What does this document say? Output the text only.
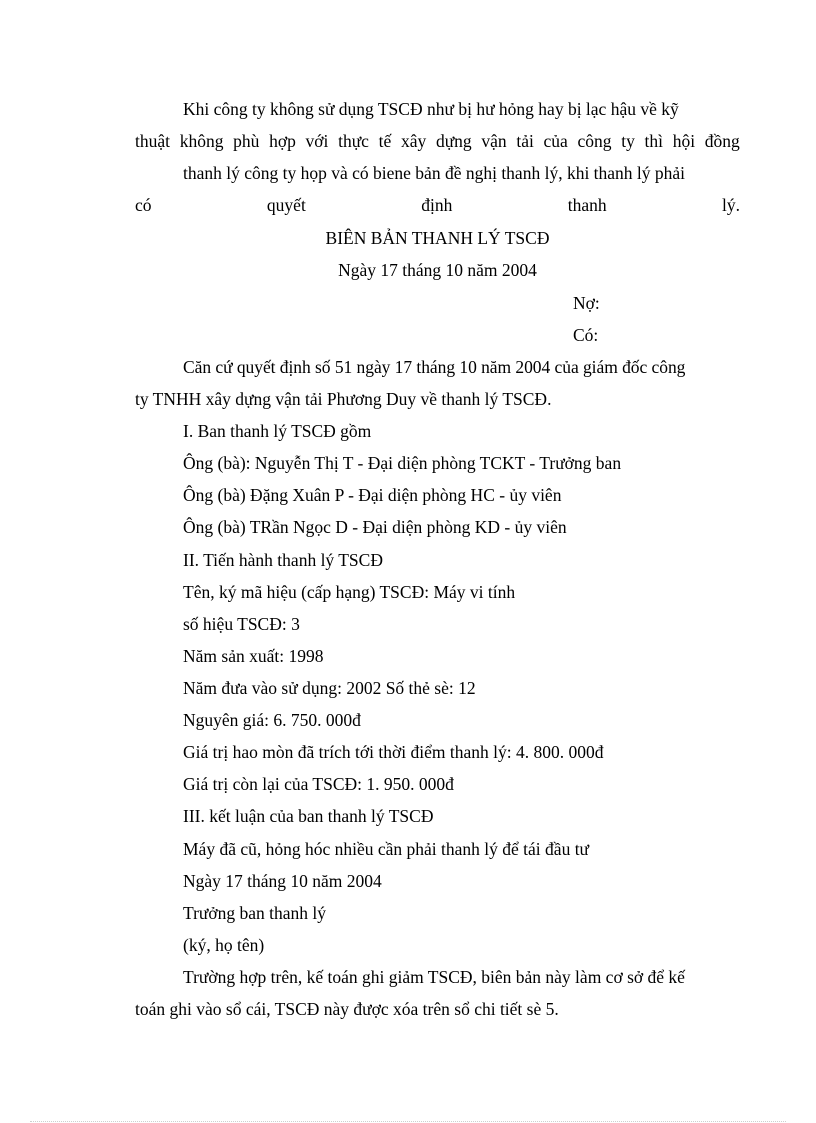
Khi công ty không sử dụng TSCĐ như bị hư hỏng hay bị lạc hậu về kỹ
thuật không phù hợp với thực tế xây dựng vận tải của công ty thì hội đồng
thanh lý công ty họp và có biene bản đề nghị thanh lý, khi thanh lý phải
có	quyết	định	thanh	lý.
BIÊN BẢN THANH LÝ TSCĐ
Ngày 17 tháng 10 năm 2004
Nợ:
Có:
Căn cứ quyết định số 51 ngày 17 tháng 10 năm 2004 của giám đốc công
ty TNHH xây dựng vận tải Phương Duy về thanh lý TSCĐ.
I. Ban thanh lý TSCĐ gồm
Ông (bà): Nguyễn Thị T - Đại diện phòng TCKT - Trưởng ban
Ông (bà) Đặng Xuân P - Đại diện phòng HC - ủy viên
Ông (bà) TRần Ngọc D - Đại diện phòng KD - ủy viên
II. Tiến hành thanh lý TSCĐ
Tên, ký mã hiệu (cấp hạng) TSCĐ: Máy vi tính
số hiệu TSCĐ: 3
Năm sản xuất: 1998
Năm đưa vào sử dụng: 2002 Số thẻ sè: 12
Nguyên giá: 6. 750. 000đ
Giá trị hao mòn đã trích tới thời điểm thanh lý: 4. 800. 000đ
Giá trị còn lại của TSCĐ: 1. 950. 000đ
III. kết luận của ban thanh lý TSCĐ
Máy đã cũ, hỏng hóc nhiều cần phải thanh lý để tái đầu tư
Ngày 17 tháng 10 năm 2004
Trưởng ban thanh lý
(ký, họ tên)
Trường hợp trên, kế toán ghi giảm TSCĐ, biên bản này làm cơ sở để kế
toán ghi vào sổ cái, TSCĐ này được xóa trên sổ chi tiết sè 5.
